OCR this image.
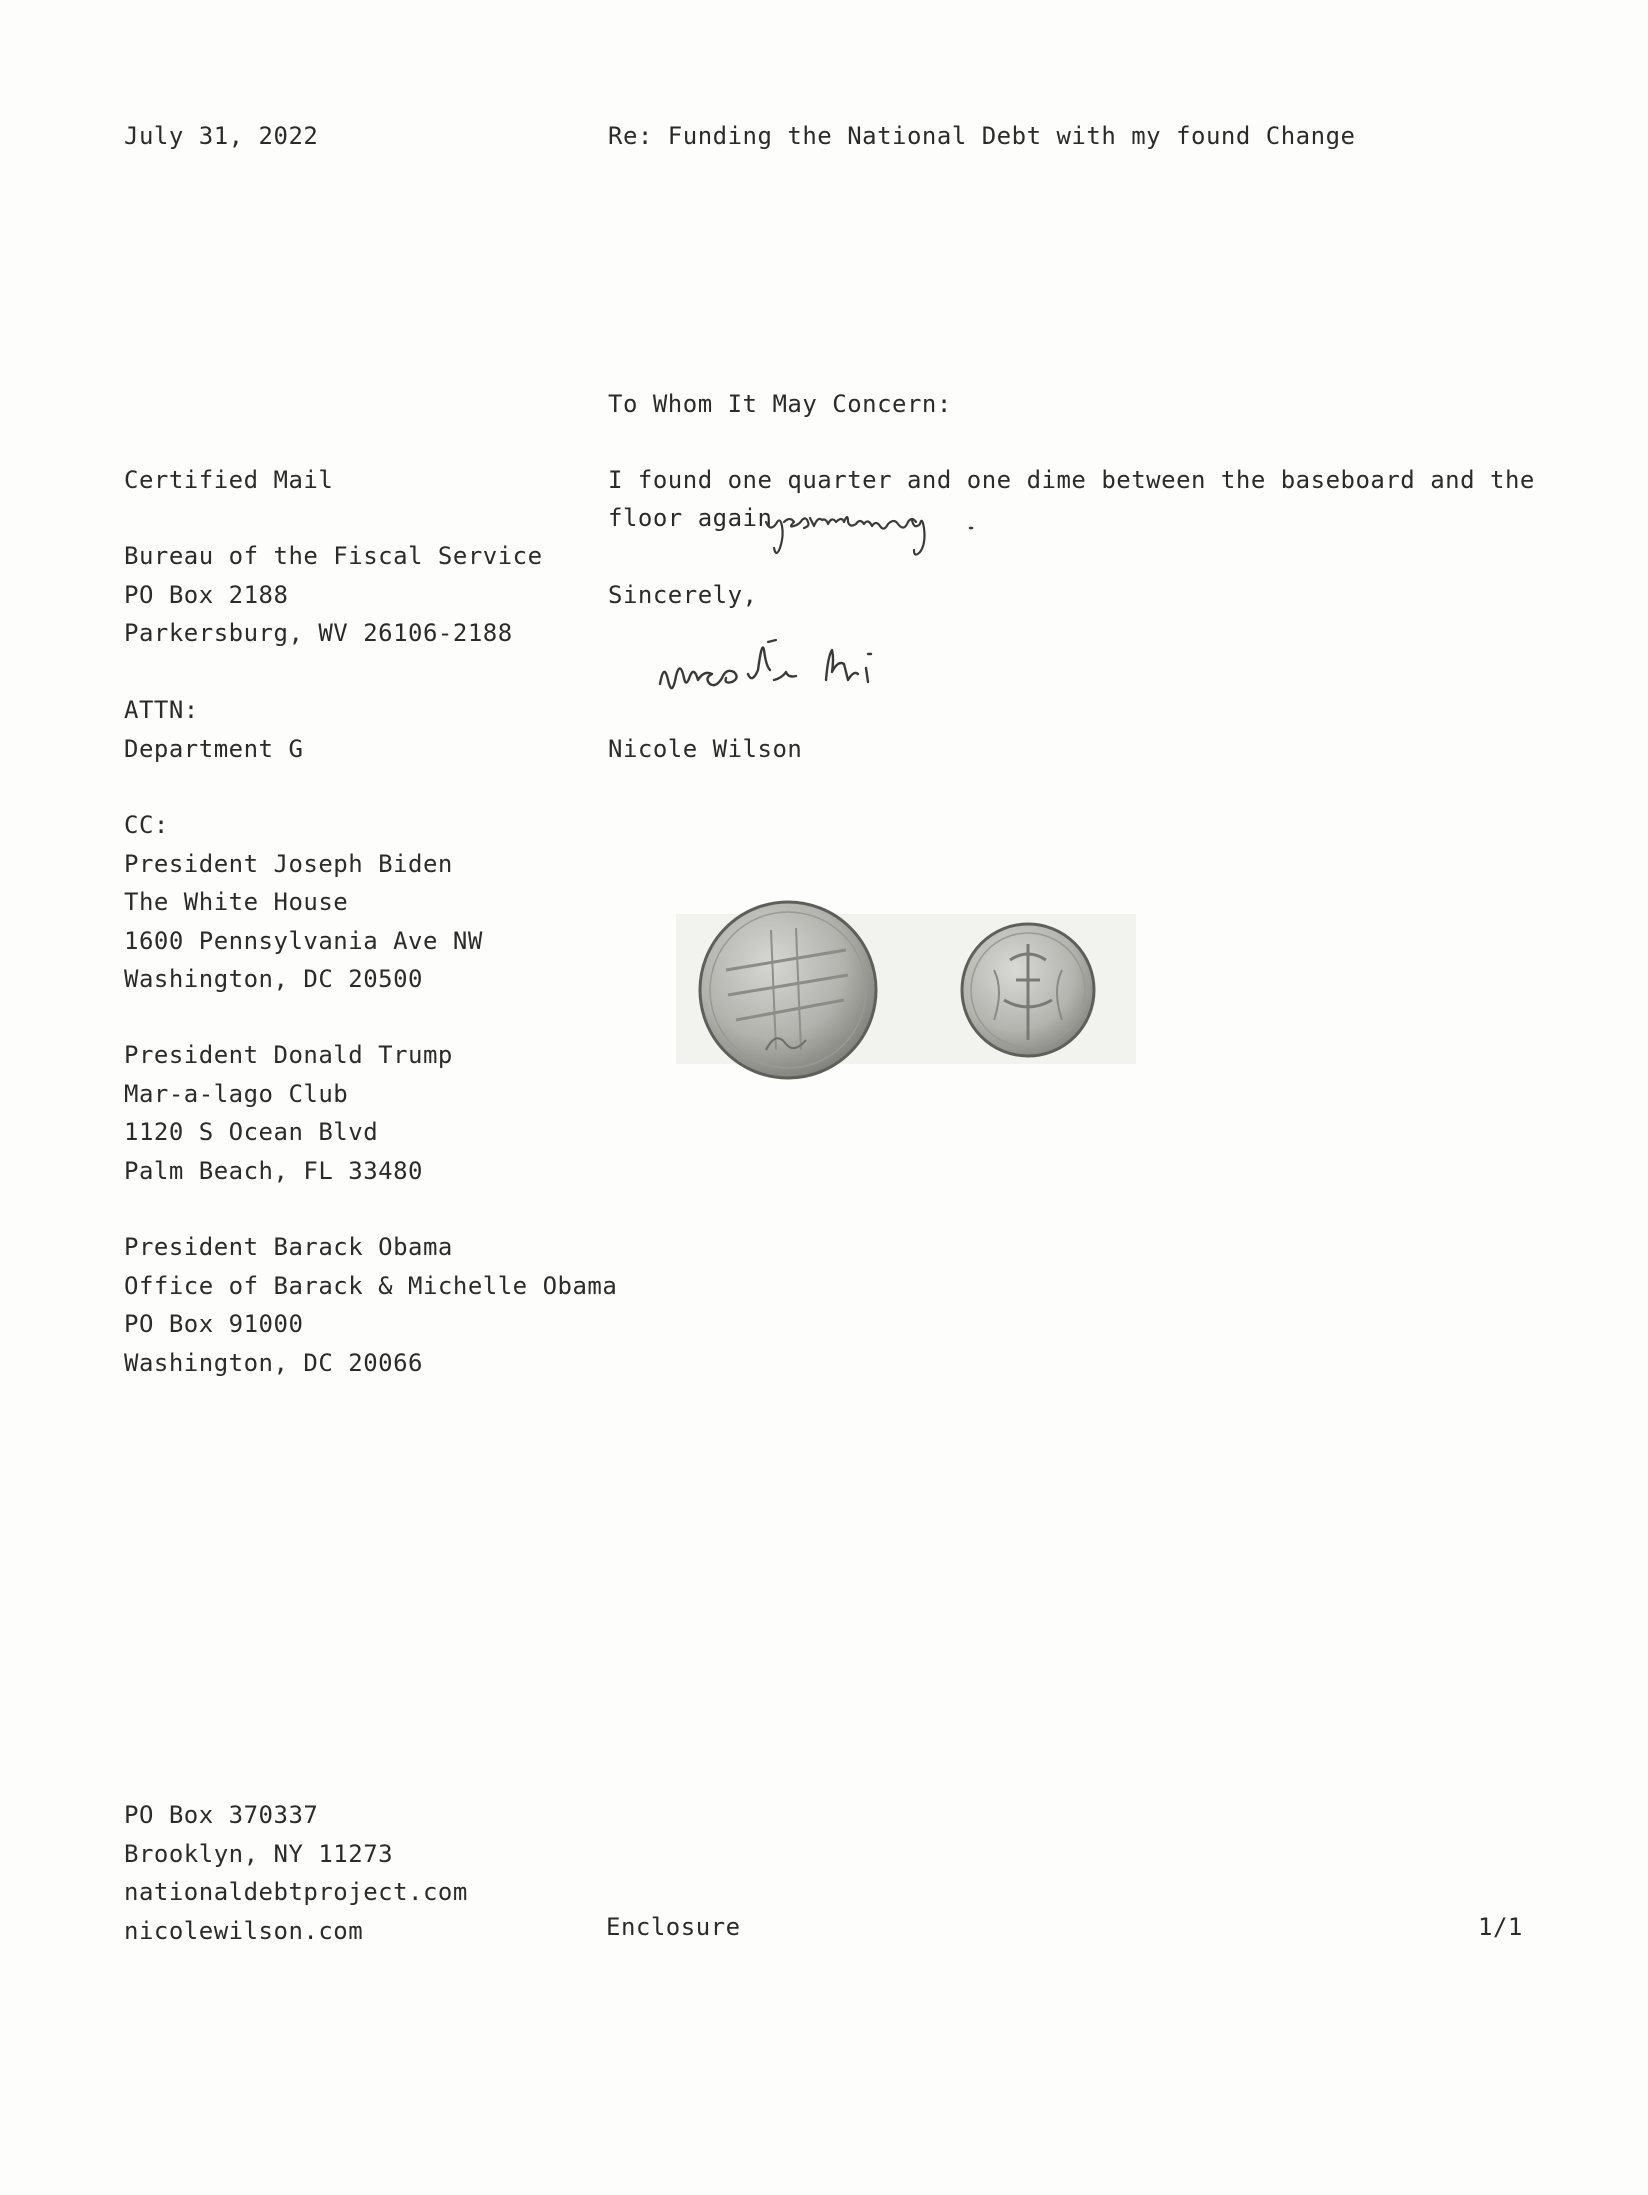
July 31, 2022	Re: Funding the National Debt with my found Change
To Whom It May Concern:
I found one quarter and one dime between the baseboard and the
floor again
Sincerely,
Nicole Wilson
Certified Mail
Bureau of the Fiscal Service
PO Box 2188
Parkersburg, WV 26106-2188
ATTN:
Department G
CC:
President Joseph Biden
The White House
1600 Pennsylvania Ave NW
Washington, DC 20500
President Donald Trump
Mar-a-lago Club
1120 S Ocean Blvd
Palm Beach, FL 33480
President Barack Obama
Office of Barack & Michelle Obama
PO Box 91000
Washington, DC 20066
PO Box 370337
Brooklyn, NY 11273
nationaldebtproject.com
nicolewilson.com	Enclosure	1/1
